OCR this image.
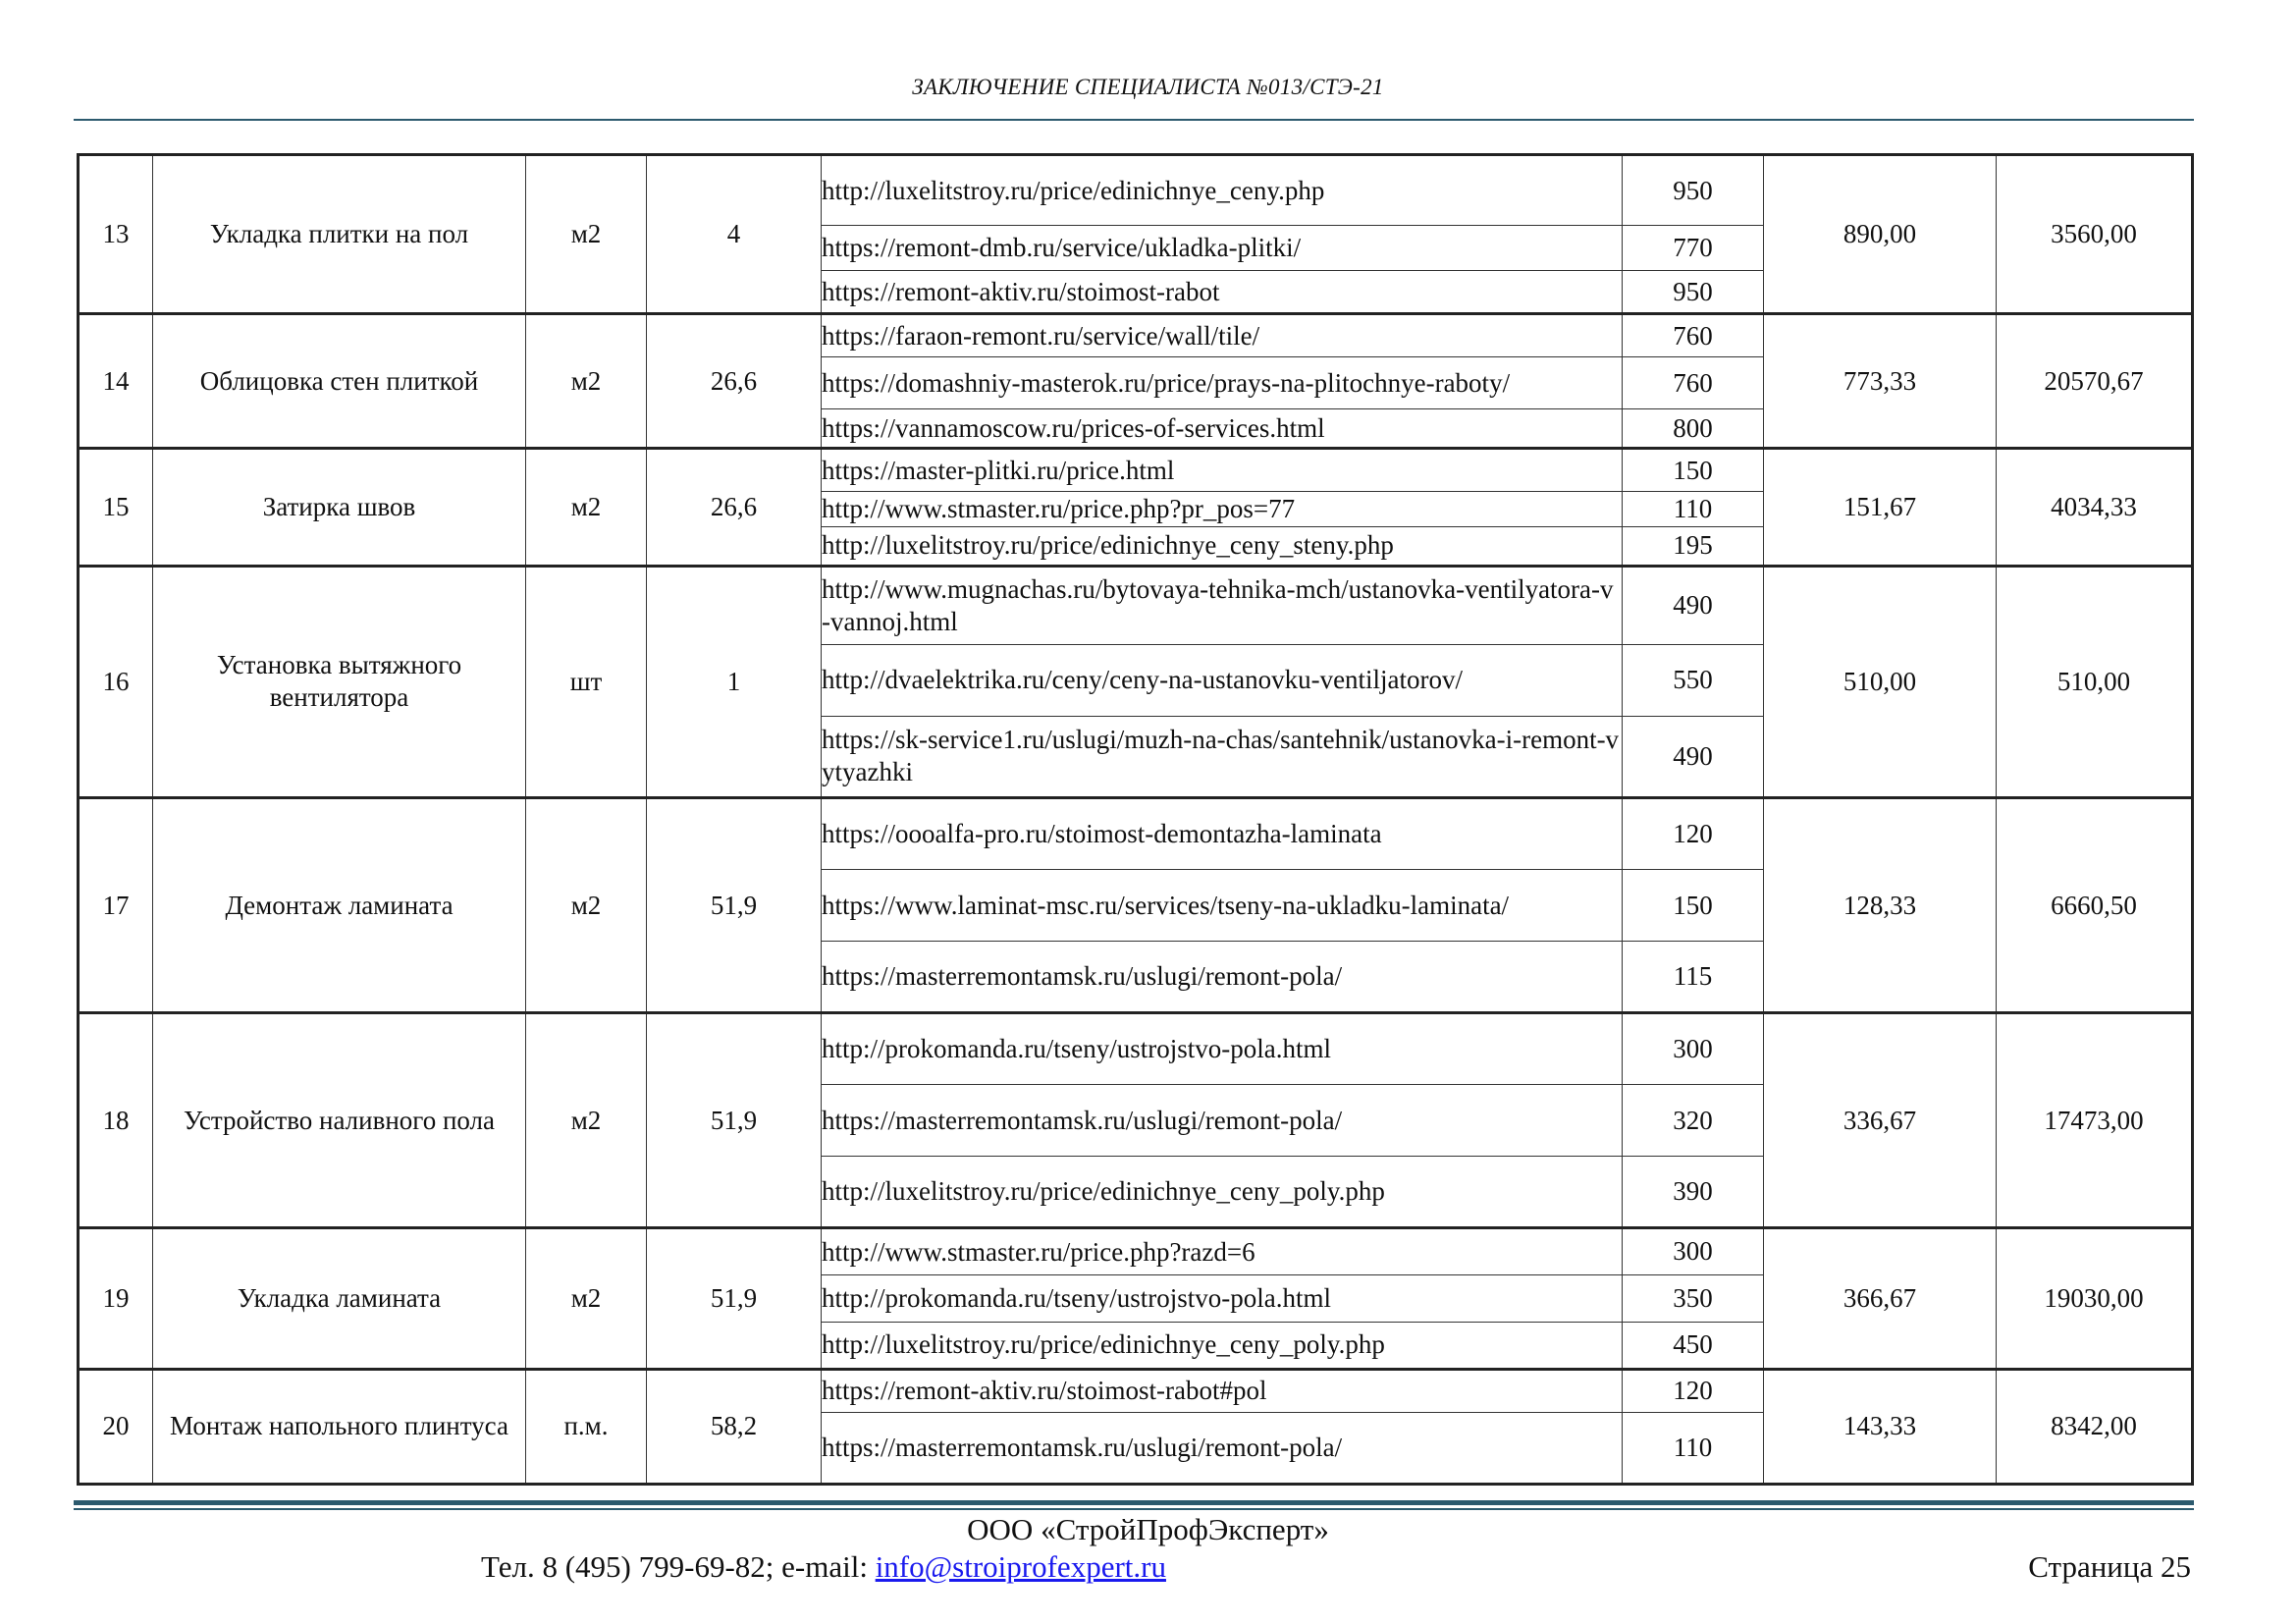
ЗАКЛЮЧЕНИЕ СПЕЦИАЛИСТА №013/СТЭ-21
13	Укладка плитки на пол	м2	4	http://luxelitstroy.ru/price/edinichnye_ceny.php	950	890,00	3560,00
				https://remont-dmb.ru/service/ukladka-plitki/	770		
				https://remont-aktiv.ru/stoimost-rabot	950		
14	Облицовка стен плиткой	м2	26,6	https://faraon-remont.ru/service/wall/tile/	760	773,33	20570,67
				https://domashniy-masterok.ru/price/prays-na-plitochnye-raboty/	760		
				https://vannamoscow.ru/prices-of-services.html	800		
15	Затирка швов	м2	26,6	https://master-plitki.ru/price.html	150	151,67	4034,33
				http://www.stmaster.ru/price.php?pr_pos=77	110		
				http://luxelitstroy.ru/price/edinichnye_ceny_steny.php	195		
16	Установка вытяжного вентилятора	шт	1	http://www.mugnachas.ru/bytovaya-tehnika-mch/ustanovka-ventilyatora-v-vannoj.html	490	510,00	510,00
				http://dvaelektrika.ru/ceny/ceny-na-ustanovku-ventiljatorov/	550		
				https://sk-service1.ru/uslugi/muzh-na-chas/santehnik/ustanovka-i-remont-vytyazhki	490		
17	Демонтаж ламината	м2	51,9	https://oooalfa-pro.ru/stoimost-demontazha-laminata	120	128,33	6660,50
				https://www.laminat-msc.ru/services/tseny-na-ukladku-laminata/	150		
				https://masterremontamsk.ru/uslugi/remont-pola/	115		
18	Устройство наливного пола	м2	51,9	http://prokomanda.ru/tseny/ustrojstvo-pola.html	300	336,67	17473,00
				https://masterremontamsk.ru/uslugi/remont-pola/	320		
				http://luxelitstroy.ru/price/edinichnye_ceny_poly.php	390		
19	Укладка ламината	м2	51,9	http://www.stmaster.ru/price.php?razd=6	300	366,67	19030,00
				http://prokomanda.ru/tseny/ustrojstvo-pola.html	350		
				http://luxelitstroy.ru/price/edinichnye_ceny_poly.php	450		
20	Монтаж напольного плинтуса	п.м.	58,2	https://remont-aktiv.ru/stoimost-rabot#pol	120	143,33	8342,00
				https://masterremontamsk.ru/uslugi/remont-pola/	110		
ООО «СтройПрофЭксперт»
Тел. 8 (495) 799-69-82; e-mail: info@stroiprofexpert.ru	Страница 25
